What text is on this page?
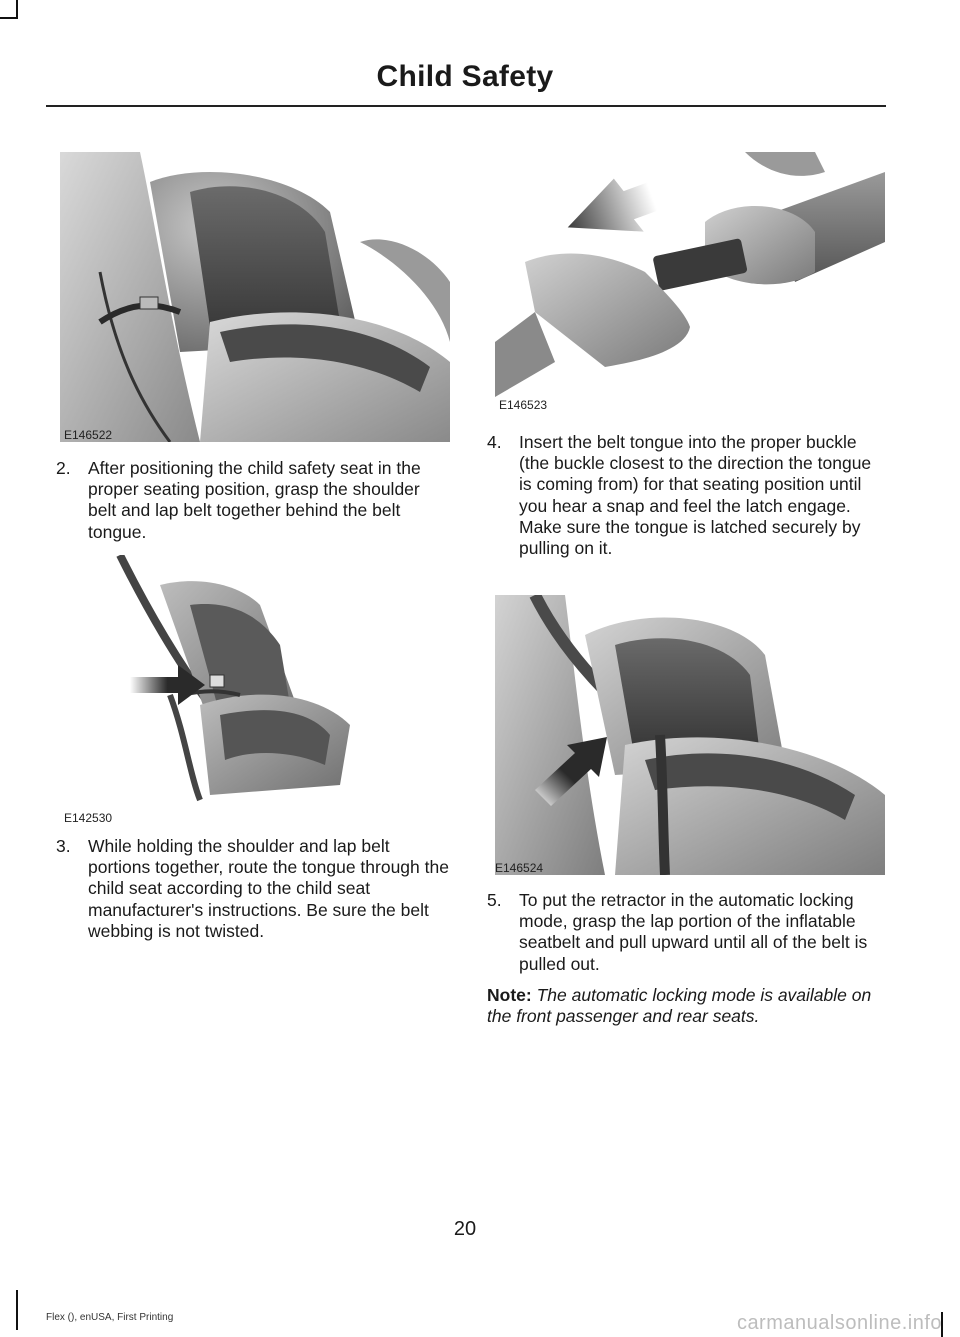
Child Safety
E146522
E146523
E142530
E146524
2. After positioning the child safety seat in the proper seating position, grasp the shoulder belt and lap belt together behind the belt tongue.
3. While holding the shoulder and lap belt portions together, route the tongue through the child seat according to the child seat manufacturer's instructions. Be sure the belt webbing is not twisted.
4. Insert the belt tongue into the proper buckle (the buckle closest to the direction the tongue is coming from) for that seating position until you hear a snap and feel the latch engage. Make sure the tongue is latched securely by pulling on it.
5. To put the retractor in the automatic locking mode, grasp the lap portion of the inflatable seatbelt and pull upward until all of the belt is pulled out.
Note: The automatic locking mode is available on the front passenger and rear seats.
20
Flex (), enUSA, First Printing	carmanualsonline.info
